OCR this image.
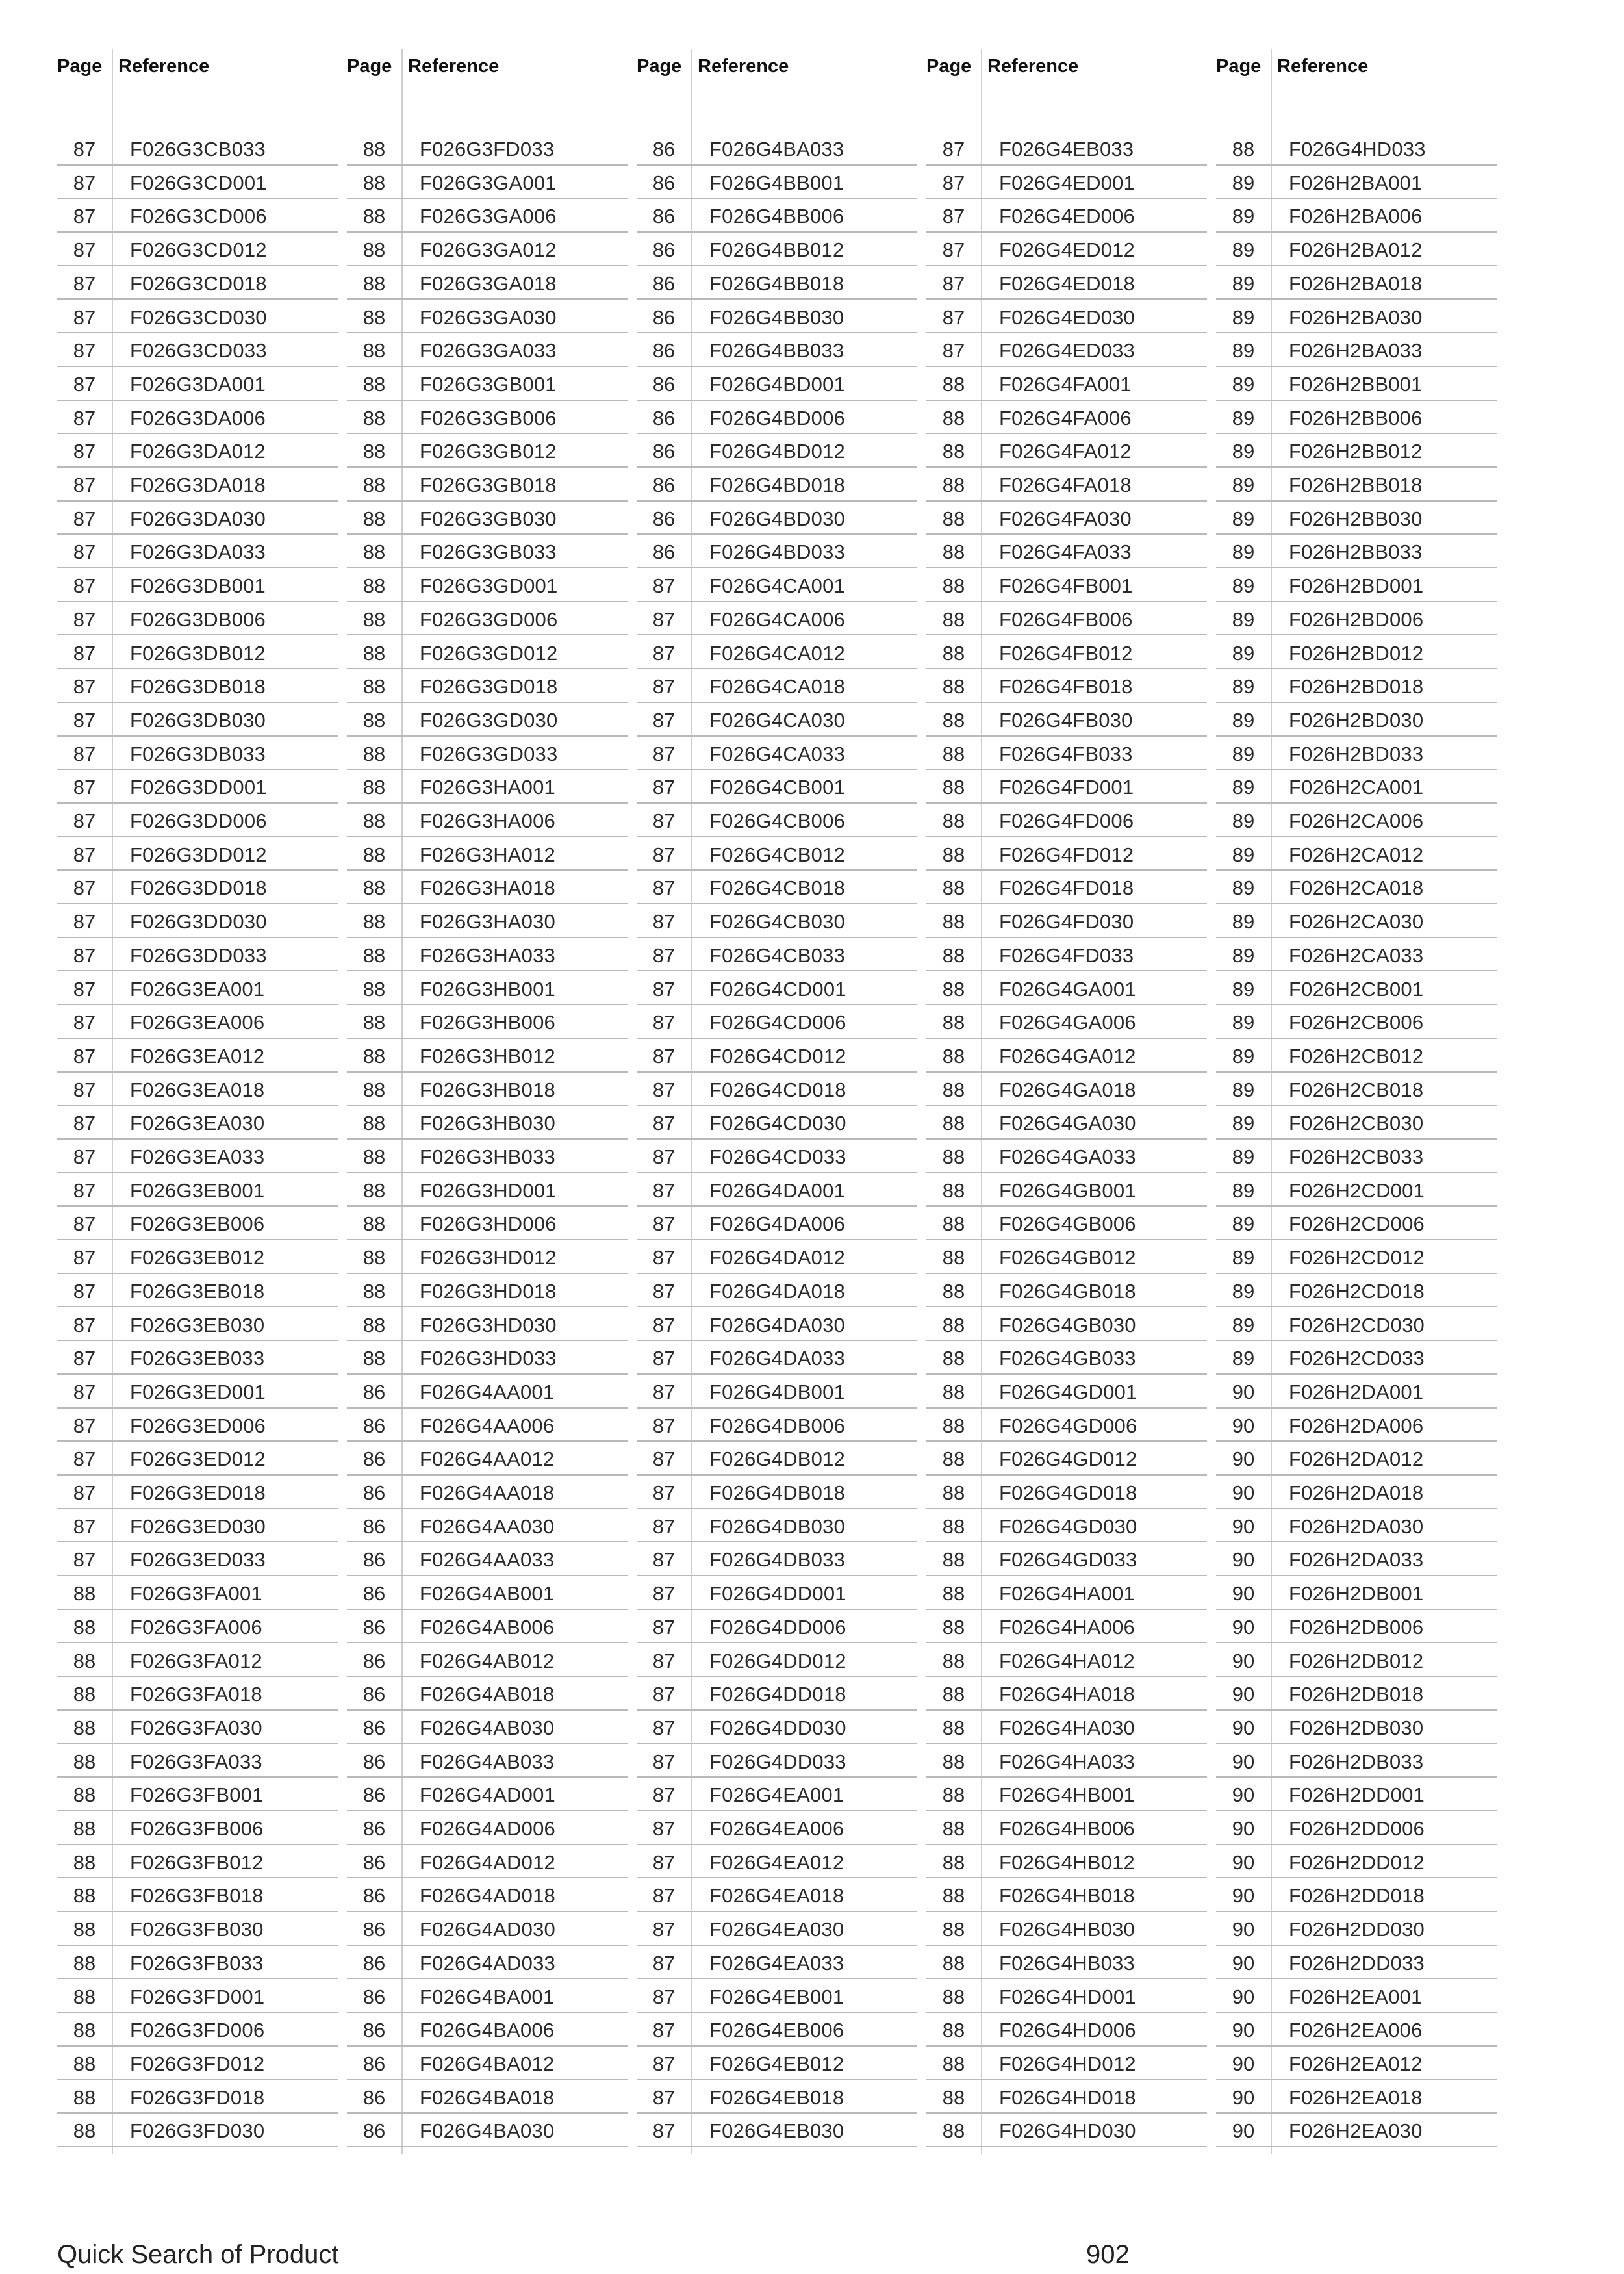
Page Reference
87	F026G3CB033
87	F026G3CD001
87	F026G3CD006
87	F026G3CD012
87	F026G3CD018
87	F026G3CD030
87	F026G3CD033
87	F026G3DA001
87	F026G3DA006
87	F026G3DA012
87	F026G3DA018
87	F026G3DA030
87	F026G3DA033
87	F026G3DB001
87	F026G3DB006
87	F026G3DB012
87	F026G3DB018
87	F026G3DB030
87	F026G3DB033
87	F026G3DD001
87	F026G3DD006
87	F026G3DD012
87	F026G3DD018
87	F026G3DD030
87	F026G3DD033
87	F026G3EA001
87	F026G3EA006
87	F026G3EA012
87	F026G3EA018
87	F026G3EA030
87	F026G3EA033
87	F026G3EB001
87	F026G3EB006
87	F026G3EB012
87	F026G3EB018
87	F026G3EB030
87	F026G3EB033
87	F026G3ED001
87	F026G3ED006
87	F026G3ED012
87	F026G3ED018
87	F026G3ED030
87	F026G3ED033
88	F026G3FA001
88	F026G3FA006
88	F026G3FA012
88	F026G3FA018
88	F026G3FA030
88	F026G3FA033
88	F026G3FB001
88	F026G3FB006
88	F026G3FB012
88	F026G3FB018
88	F026G3FB030
88	F026G3FB033
88	F026G3FD001
88	F026G3FD006
88	F026G3FD012
88	F026G3FD018
88	F026G3FD030
Page Reference
88	F026G3FD033
88	F026G3GA001
88	F026G3GA006
88	F026G3GA012
88	F026G3GA018
88	F026G3GA030
88	F026G3GA033
88	F026G3GB001
88	F026G3GB006
88	F026G3GB012
88	F026G3GB018
88	F026G3GB030
88	F026G3GB033
88	F026G3GD001
88	F026G3GD006
88	F026G3GD012
88	F026G3GD018
88	F026G3GD030
88	F026G3GD033
88	F026G3HA001
88	F026G3HA006
88	F026G3HA012
88	F026G3HA018
88	F026G3HA030
88	F026G3HA033
88	F026G3HB001
88	F026G3HB006
88	F026G3HB012
88	F026G3HB018
88	F026G3HB030
88	F026G3HB033
88	F026G3HD001
88	F026G3HD006
88	F026G3HD012
88	F026G3HD018
88	F026G3HD030
88	F026G3HD033
86	F026G4AA001
86	F026G4AA006
86	F026G4AA012
86	F026G4AA018
86	F026G4AA030
86	F026G4AA033
86	F026G4AB001
86	F026G4AB006
86	F026G4AB012
86	F026G4AB018
86	F026G4AB030
86	F026G4AB033
86	F026G4AD001
86	F026G4AD006
86	F026G4AD012
86	F026G4AD018
86	F026G4AD030
86	F026G4AD033
86	F026G4BA001
86	F026G4BA006
86	F026G4BA012
86	F026G4BA018
86	F026G4BA030
Page Reference
86	F026G4BA033
86	F026G4BB001
86	F026G4BB006
86	F026G4BB012
86	F026G4BB018
86	F026G4BB030
86	F026G4BB033
86	F026G4BD001
86	F026G4BD006
86	F026G4BD012
86	F026G4BD018
86	F026G4BD030
86	F026G4BD033
87	F026G4CA001
87	F026G4CA006
87	F026G4CA012
87	F026G4CA018
87	F026G4CA030
87	F026G4CA033
87	F026G4CB001
87	F026G4CB006
87	F026G4CB012
87	F026G4CB018
87	F026G4CB030
87	F026G4CB033
87	F026G4CD001
87	F026G4CD006
87	F026G4CD012
87	F026G4CD018
87	F026G4CD030
87	F026G4CD033
87	F026G4DA001
87	F026G4DA006
87	F026G4DA012
87	F026G4DA018
87	F026G4DA030
87	F026G4DA033
87	F026G4DB001
87	F026G4DB006
87	F026G4DB012
87	F026G4DB018
87	F026G4DB030
87	F026G4DB033
87	F026G4DD001
87	F026G4DD006
87	F026G4DD012
87	F026G4DD018
87	F026G4DD030
87	F026G4DD033
87	F026G4EA001
87	F026G4EA006
87	F026G4EA012
87	F026G4EA018
87	F026G4EA030
87	F026G4EA033
87	F026G4EB001
87	F026G4EB006
87	F026G4EB012
87	F026G4EB018
87	F026G4EB030
Page Reference
87	F026G4EB033
87	F026G4ED001
87	F026G4ED006
87	F026G4ED012
87	F026G4ED018
87	F026G4ED030
87	F026G4ED033
88	F026G4FA001
88	F026G4FA006
88	F026G4FA012
88	F026G4FA018
88	F026G4FA030
88	F026G4FA033
88	F026G4FB001
88	F026G4FB006
88	F026G4FB012
88	F026G4FB018
88	F026G4FB030
88	F026G4FB033
88	F026G4FD001
88	F026G4FD006
88	F026G4FD012
88	F026G4FD018
88	F026G4FD030
88	F026G4FD033
88	F026G4GA001
88	F026G4GA006
88	F026G4GA012
88	F026G4GA018
88	F026G4GA030
88	F026G4GA033
88	F026G4GB001
88	F026G4GB006
88	F026G4GB012
88	F026G4GB018
88	F026G4GB030
88	F026G4GB033
88	F026G4GD001
88	F026G4GD006
88	F026G4GD012
88	F026G4GD018
88	F026G4GD030
88	F026G4GD033
88	F026G4HA001
88	F026G4HA006
88	F026G4HA012
88	F026G4HA018
88	F026G4HA030
88	F026G4HA033
88	F026G4HB001
88	F026G4HB006
88	F026G4HB012
88	F026G4HB018
88	F026G4HB030
88	F026G4HB033
88	F026G4HD001
88	F026G4HD006
88	F026G4HD012
88	F026G4HD018
88	F026G4HD030
Page Reference
88	F026G4HD033
89	F026H2BA001
89	F026H2BA006
89	F026H2BA012
89	F026H2BA018
89	F026H2BA030
89	F026H2BA033
89	F026H2BB001
89	F026H2BB006
89	F026H2BB012
89	F026H2BB018
89	F026H2BB030
89	F026H2BB033
89	F026H2BD001
89	F026H2BD006
89	F026H2BD012
89	F026H2BD018
89	F026H2BD030
89	F026H2BD033
89	F026H2CA001
89	F026H2CA006
89	F026H2CA012
89	F026H2CA018
89	F026H2CA030
89	F026H2CA033
89	F026H2CB001
89	F026H2CB006
89	F026H2CB012
89	F026H2CB018
89	F026H2CB030
89	F026H2CB033
89	F026H2CD001
89	F026H2CD006
89	F026H2CD012
89	F026H2CD018
89	F026H2CD030
89	F026H2CD033
90	F026H2DA001
90	F026H2DA006
90	F026H2DA012
90	F026H2DA018
90	F026H2DA030
90	F026H2DA033
90	F026H2DB001
90	F026H2DB006
90	F026H2DB012
90	F026H2DB018
90	F026H2DB030
90	F026H2DB033
90	F026H2DD001
90	F026H2DD006
90	F026H2DD012
90	F026H2DD018
90	F026H2DD030
90	F026H2DD033
90	F026H2EA001
90	F026H2EA006
90	F026H2EA012
90	F026H2EA018
90	F026H2EA030
Quick Search of Product	902
